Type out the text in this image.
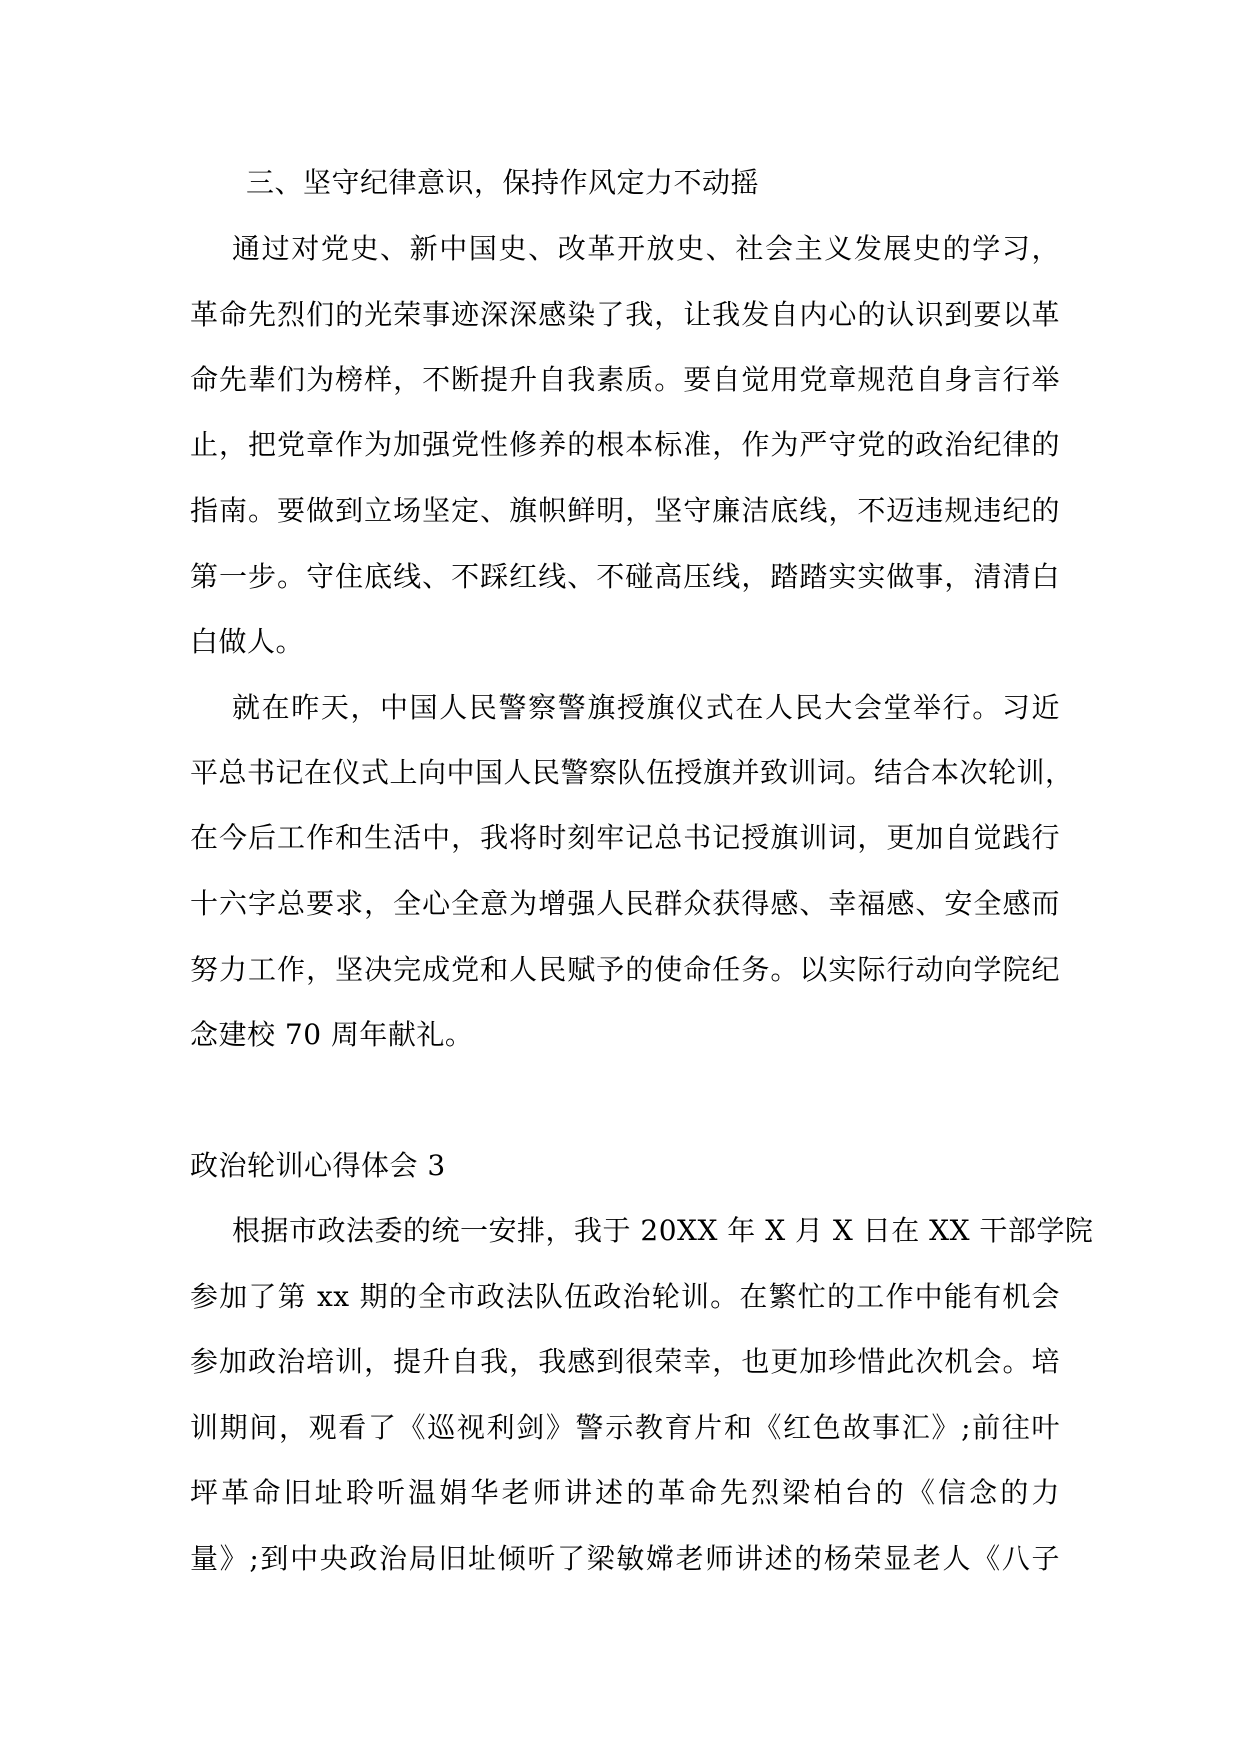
三、坚守纪律意识，保持作风定力不动摇
通过对党史、新中国史、改革开放史、社会主义发展史的学习，
革命先烈们的光荣事迹深深感染了我，让我发自内心的认识到要以革
命先辈们为榜样，不断提升自我素质。要自觉用党章规范自身言行举
止，把党章作为加强党性修养的根本标准，作为严守党的政治纪律的
指南。要做到立场坚定、旗帜鲜明，坚守廉洁底线，不迈违规违纪的
第一步。守住底线、不踩红线、不碰高压线，踏踏实实做事，清清白
白做人。
就在昨天，中国人民警察警旗授旗仪式在人民大会堂举行。习近
平总书记在仪式上向中国人民警察队伍授旗并致训词。结合本次轮训，
在今后工作和生活中，我将时刻牢记总书记授旗训词，更加自觉践行
十六字总要求，全心全意为增强人民群众获得感、幸福感、安全感而
努力工作，坚决完成党和人民赋予的使命任务。以实际行动向学院纪
念建校 70 周年献礼。
政治轮训心得体会 3
根据市政法委的统一安排，我于 20XX 年 X 月 X 日在 XX 干部学院
参加了第 xx 期的全市政法队伍政治轮训。在繁忙的工作中能有机会
参加政治培训，提升自我，我感到很荣幸，也更加珍惜此次机会。培
训期间，观看了《巡视利剑》警示教育片和《红色故事汇》;前往叶
坪革命旧址聆听温娟华老师讲述的革命先烈梁柏台的《信念的力
量》;到中央政治局旧址倾听了梁敏嫦老师讲述的杨荣显老人《八子
